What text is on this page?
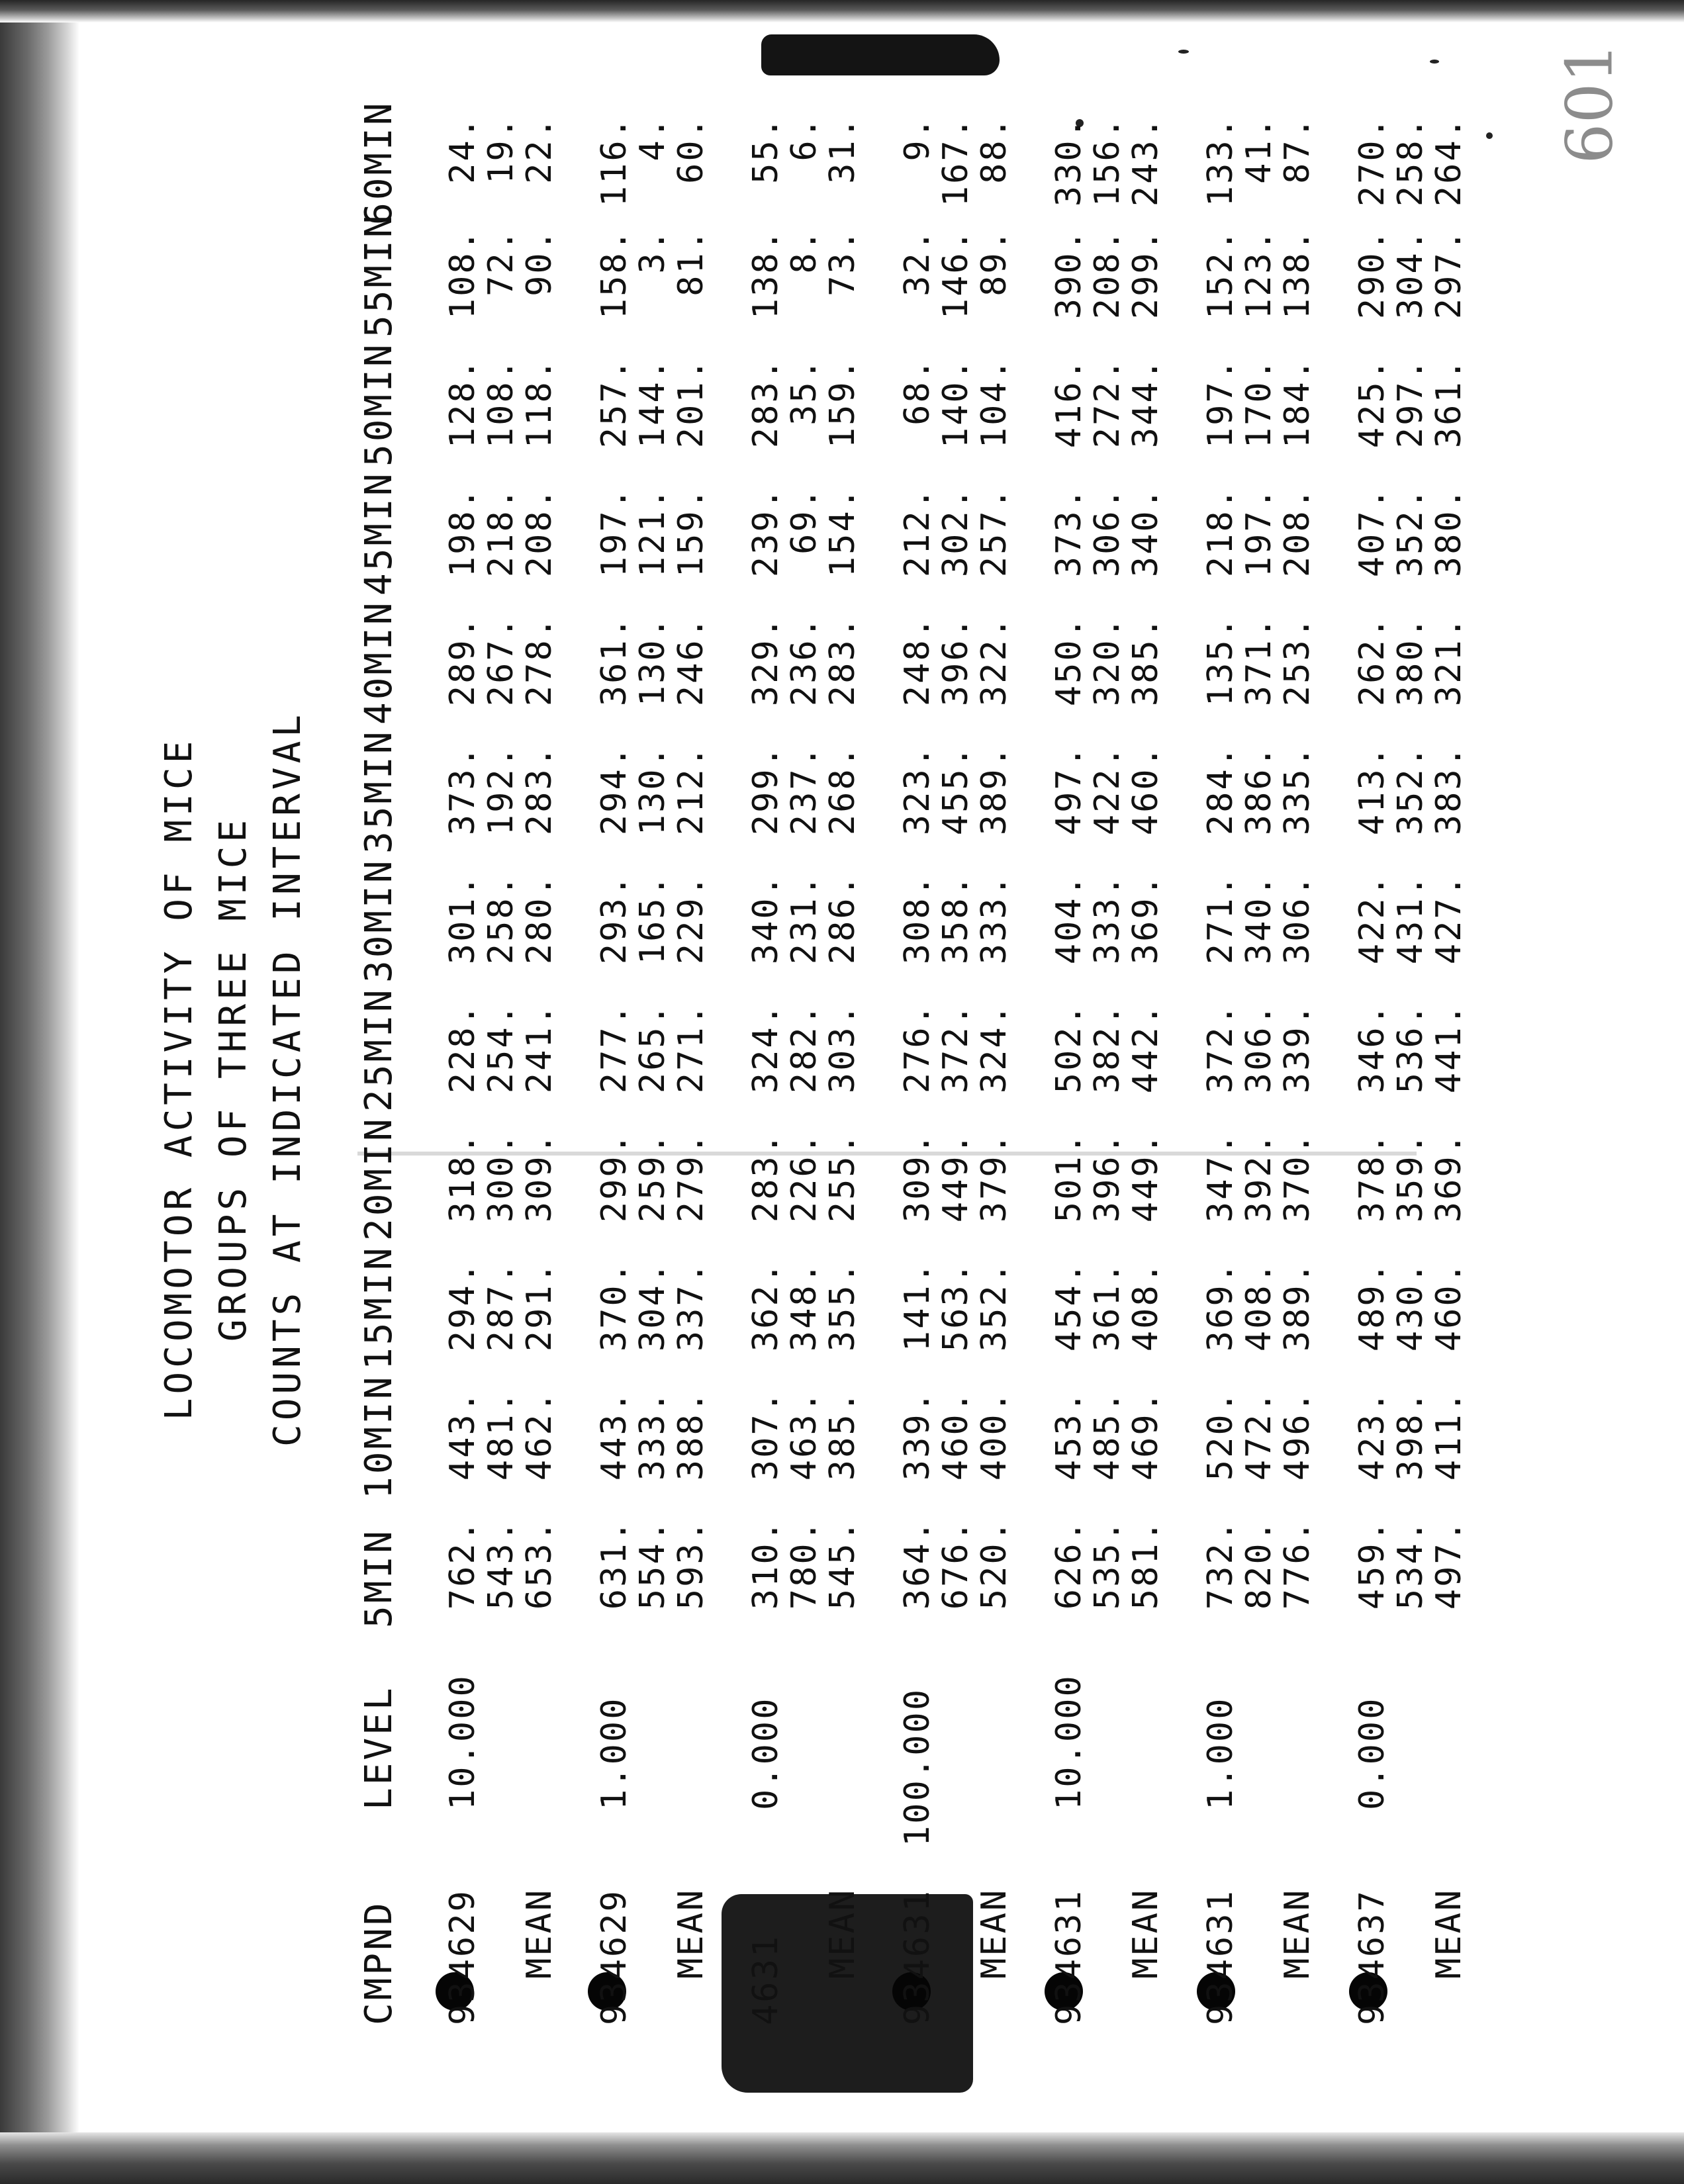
601
LOCOMOTOR ACTIVITY OF MICE GROUPS OF THREE MICE COUNTS AT INDICATED INTERVAL
CMPND
LEVEL
5MIN
10MIN
15MIN
20MIN
25MIN
30MIN
35MIN
40MIN
45MIN
50MIN
55MIN
60MIN
934629 MEAN
10.000
762.
543.
653.
443.
481.
462.
294.
287.
291.
318.
300.
309.
228.
254.
241.
301.
258.
280.
373.
192.
283.
289.
267.
278.
198.
218.
208.
128.
108.
118.
108.
72.
90.
24.
19.
22.
934629 MEAN
1.000
631.
554.
593.
443.
333.
388.
370.
304.
337.
299.
259.
279.
277.
265.
271.
293.
165.
229.
294.
130.
212.
361.
130.
246.
197.
121.
159.
257.
144.
201.
158.
3.
81.
116.
4.
60.
4631
MEAN
0.000
310.
780.
545.
307.
463.
385.
362.
348.
355.
283.
226.
255.
324.
282.
303.
340.
231.
286.
299.
237.
268.
329.
236.
283.
239.
69.
154.
283.
35.
159.
138.
8.
73.
55.
6.
31.
934631 MEAN
100.000
364.
676.
520.
339.
460.
400.
141.
563.
352.
309.
449.
379.
276.
372.
324.
308.
358.
333.
323.
455.
389.
248.
396.
322.
212.
302.
257.
68.
140.
104.
32.
146.
89.
9.
167.
88.
934631 MEAN
10.000
626.
535.
581.
453.
485.
469.
454.
361.
408.
501.
396.
449.
502.
382.
442.
404.
333.
369.
497.
422.
460.
450.
320.
385.
373.
306.
340.
416.
272.
344.
390.
208.
299.
330.
156.
243.
934631 MEAN
1.000
732.
820.
776.
520.
472.
496.
369.
408.
389.
347.
392.
370.
372.
306.
339.
271.
340.
306.
284.
386.
335.
135.
371.
253.
218.
197.
208.
197.
170.
184.
152.
123.
138.
133.
41.
87.
934637 MEAN
0.000
459.
534.
497.
423.
398.
411.
489.
430.
460.
378.
359.
369.
346.
536.
441.
422.
431.
427.
413.
352.
383.
262.
380.
321.
407.
352.
380.
425.
297.
361.
290.
304.
297.
270.
258.
264.
